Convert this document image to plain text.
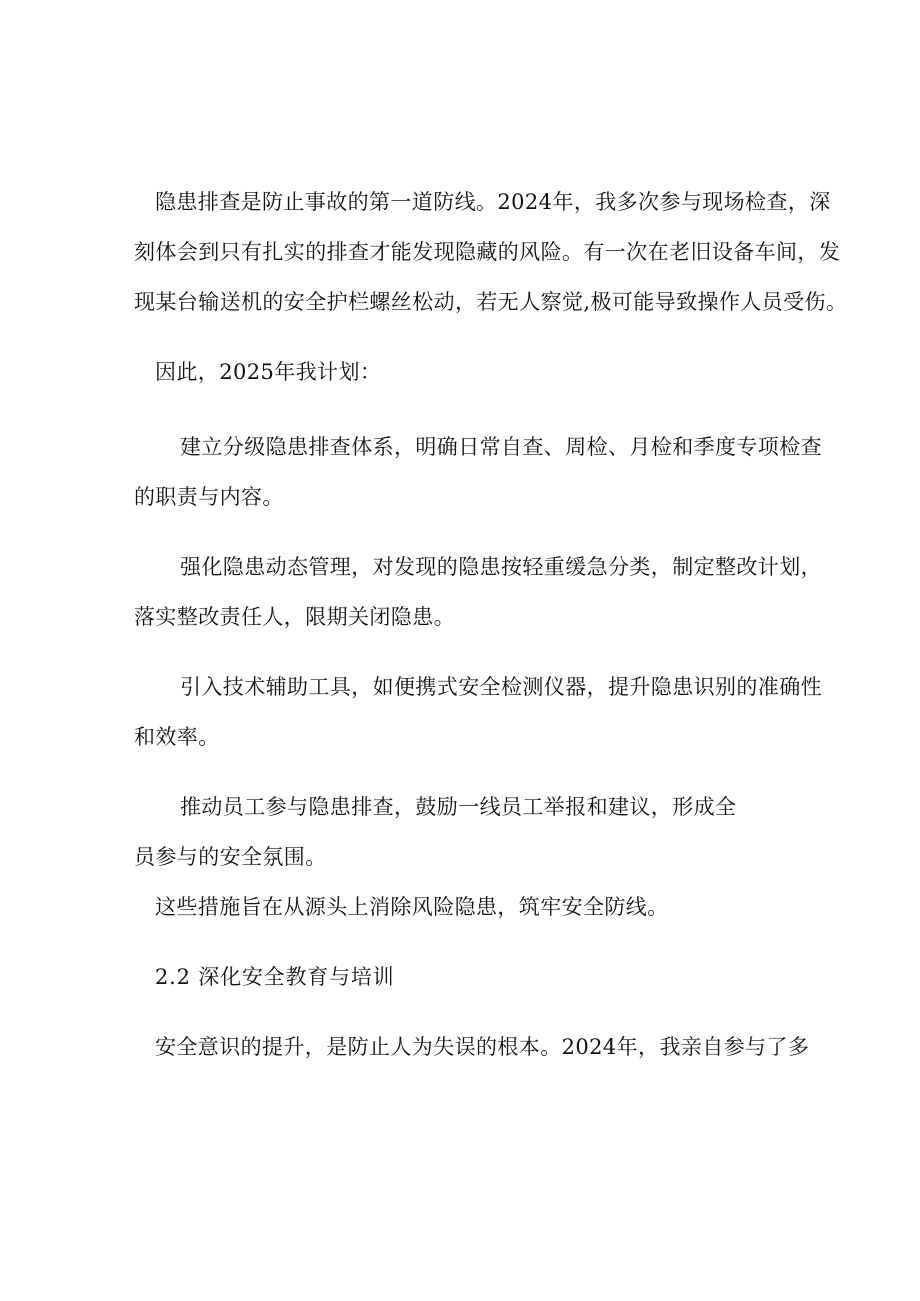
隐患排查是防止事故的第一道防线。2024年，我多次参与现场检查，深
刻体会到只有扎实的排查才能发现隐藏的风险。有一次在老旧设备车间，发
现某台输送机的安全护栏螺丝松动，若无人察觉,极可能导致操作人员受伤。
因此，2025年我计划：
建立分级隐患排查体系，明确日常自查、周检、月检和季度专项检查
的职责与内容。
强化隐患动态管理，对发现的隐患按轻重缓急分类，制定整改计划，
落实整改责任人，限期关闭隐患。
引入技术辅助工具，如便携式安全检测仪器，提升隐患识别的准确性
和效率。
推动员工参与隐患排查，鼓励一线员工举报和建议，形成全
员参与的安全氛围。
这些措施旨在从源头上消除风险隐患，筑牢安全防线。
2.2 深化安全教育与培训
安全意识的提升，是防止人为失误的根本。2024年，我亲自参与了多
